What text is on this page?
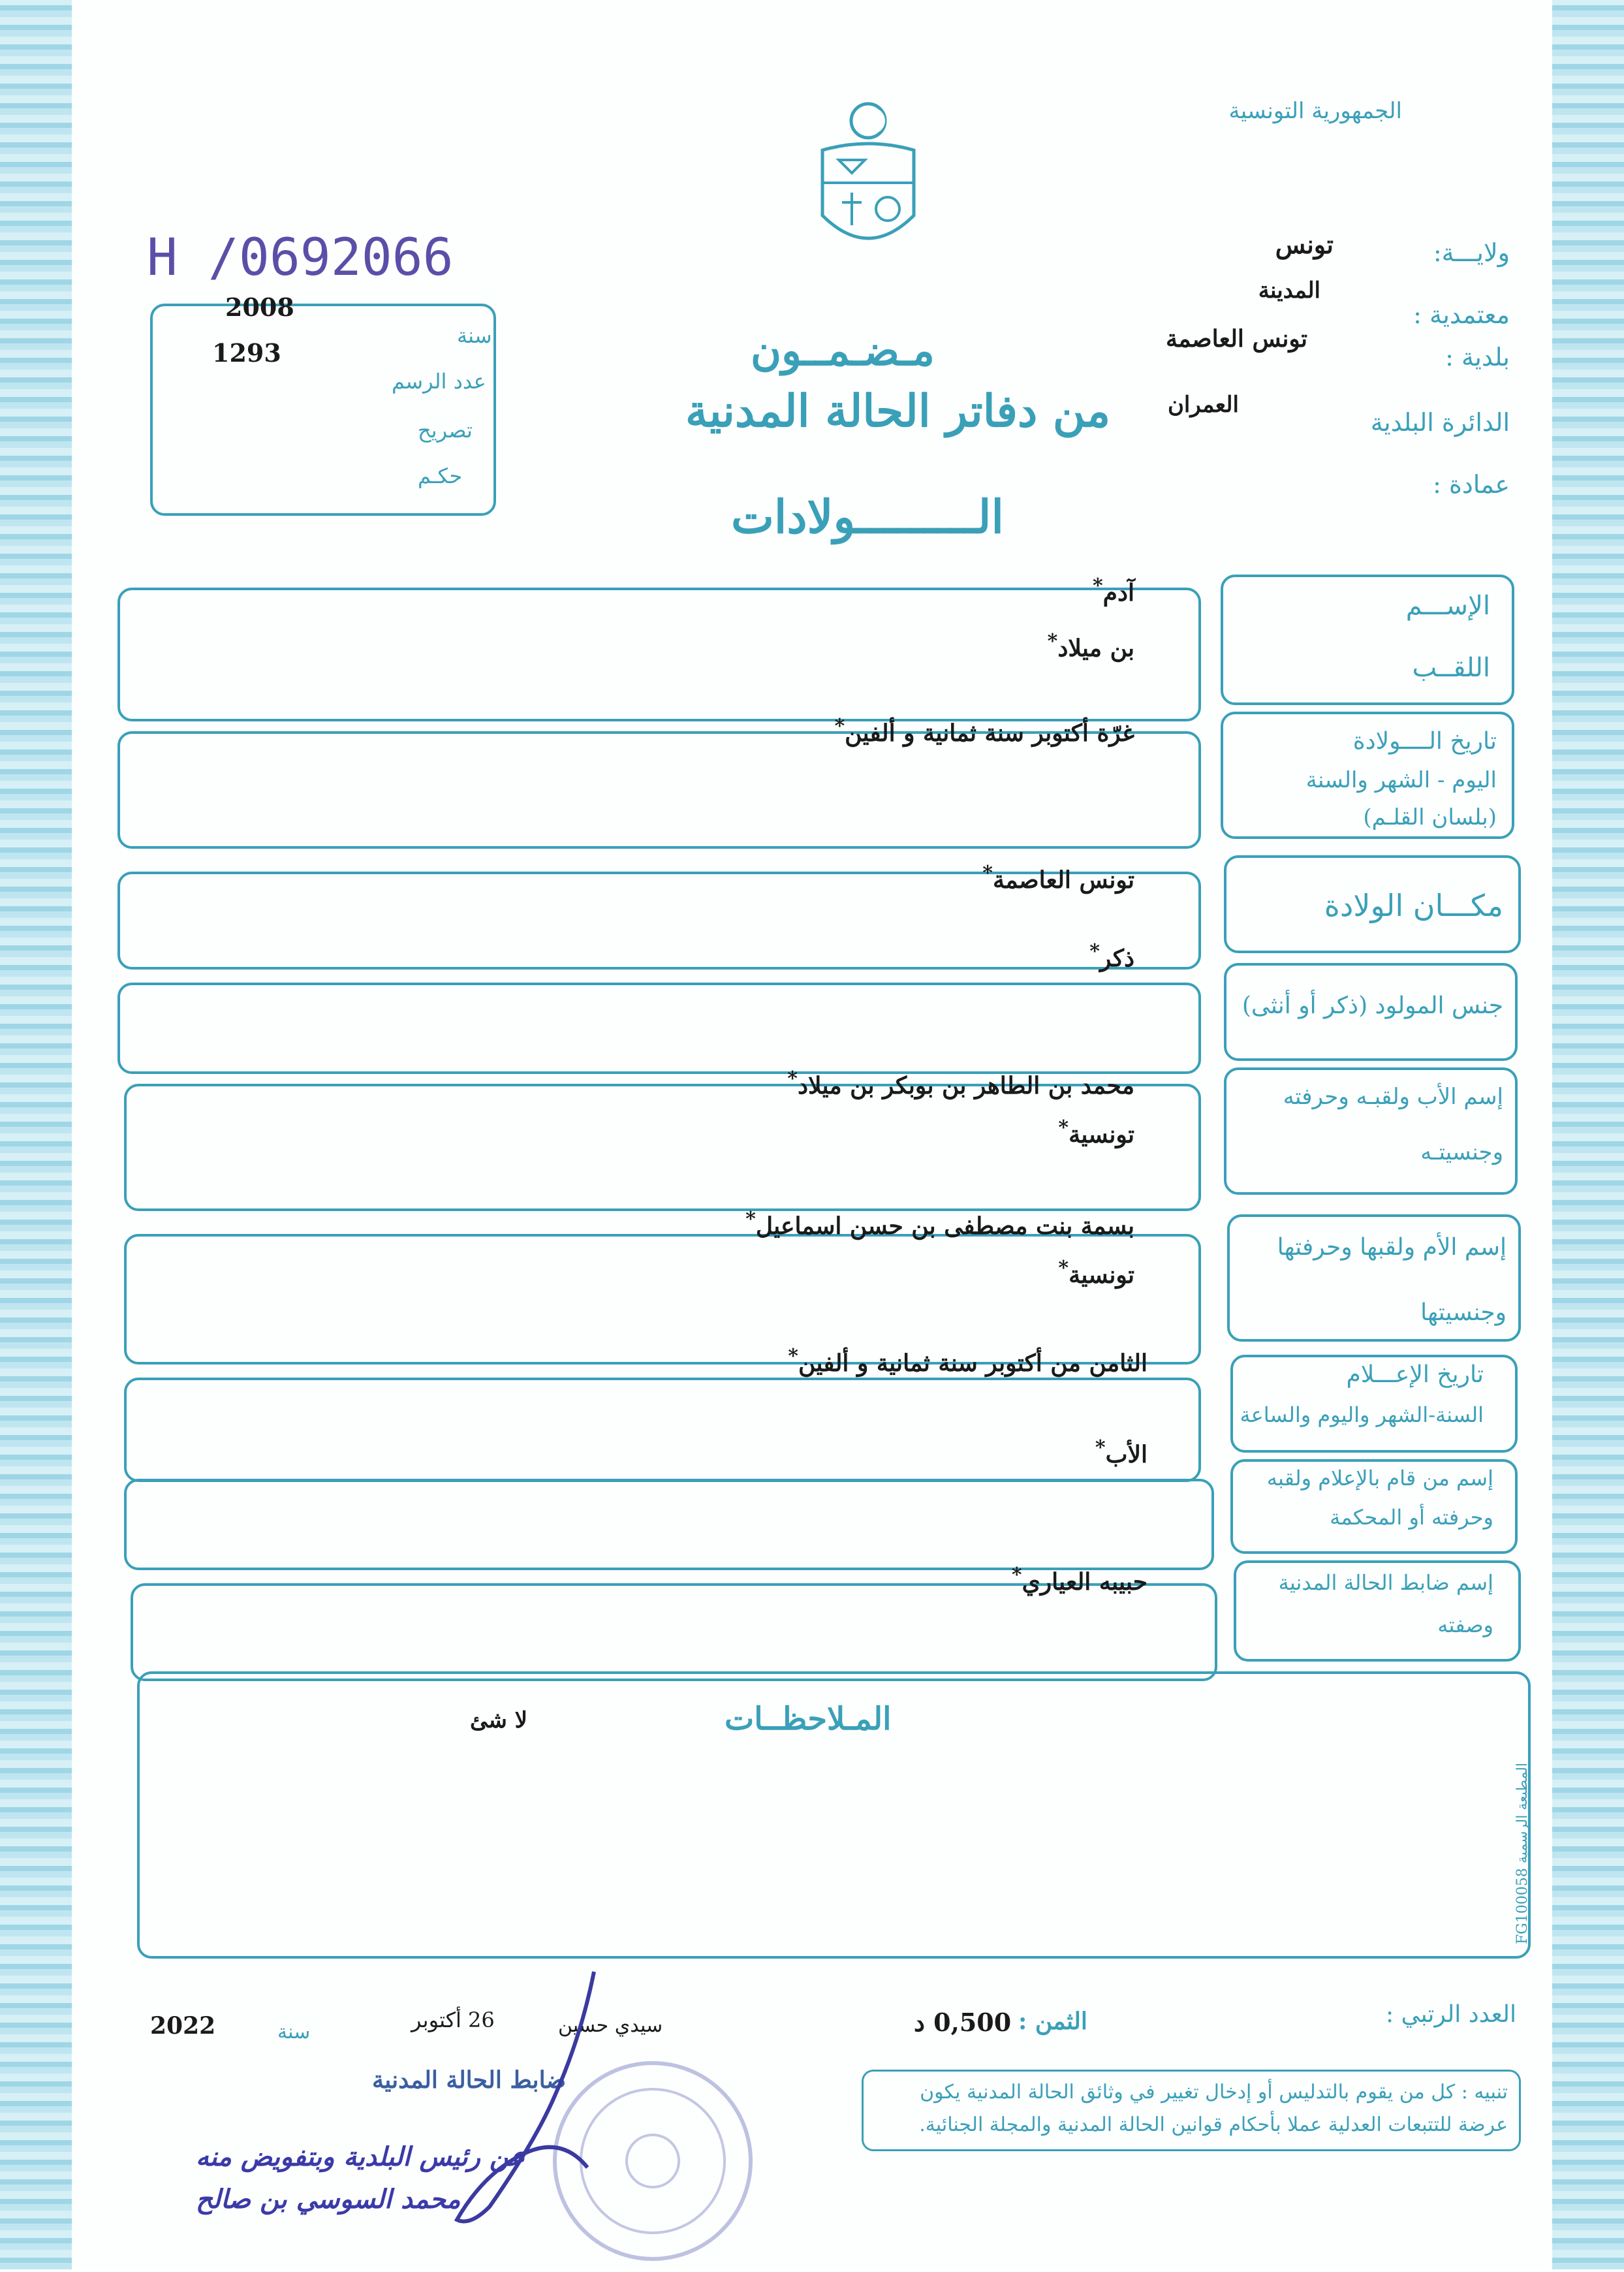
الجمهورية التونسية
H /0692066	ولايـــة:
تونس
المدينة
معتمدية :
بلدية :
تونس العاصمة
العمران
الدائرة البلدية
عمادة :
2008
سنة
1293
عدد الرسم
تصريح
حكـم
مـضـمــون
من دفاتر الحالة المدنية
الـــــــــولادات
الإســـم
اللقــب
آدم*
بن ميلاد*
تاريخ الــــولادة
اليوم - الشهر والسنة
(بلسان القلـم)
غرّة أكتوبر سنة ثمانية و ألفين*
مكـــان الولادة
تونس العاصمة*
جنس المولود (ذكر أو أنثى)
ذكر*
إسم الأب ولقبـه وحرفته
وجنسيتـه
محمد بن الطاهر بن بوبكر بن ميلاد*
تونسية*
إسم الأم ولقبها وحرفتها
وجنسيتها
بسمة بنت مصطفى بن حسن اسماعيل*
تونسية*
تاريخ الإعـــلام
السنة-الشهر واليوم والساعة
الثامن من أكتوبر سنة ثمانية و ألفين*
إسم من قام بالإعلام ولقبه
وحرفته أو المحكمة
الأب*
إسم ضابط الحالة المدنية
وصفته
حبيبه العياري*
المـلاحظــات
لا شئ
المطبعة الرسمية FG100058
العدد الرتبي :
الثمن :
0,500 د
سيدي حسين
26 أكتوبر
سنة
2022
ضابط الحالة المدنية
عن رئيس البلدية وبتفويض منه
محمد السوسي بن صالح
تنبيه : كل من يقوم بالتدليس أو إدخال تغيير في وثائق الحالة المدنية يكون عرضة للتتبعات العدلية عملا بأحكام قوانين الحالة المدنية والمجلة الجنائية.
